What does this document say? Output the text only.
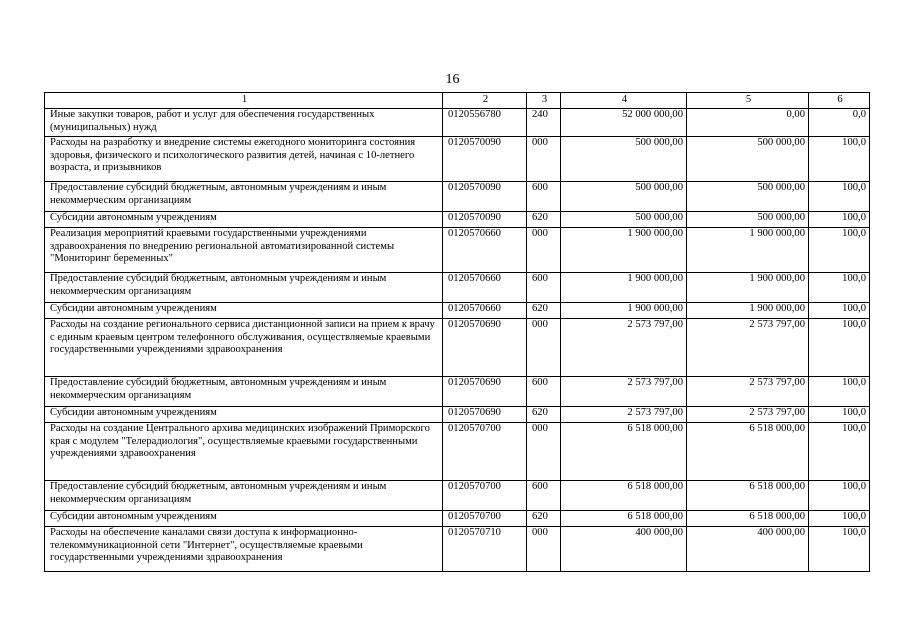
16
1	2	3	4	5	6
Иные закупки товаров, работ и услуг для обеспечения государственных (муниципальных) нужд	0120556780	240	52 000 000,00	0,00	0,0
Расходы на разработку и внедрение системы ежегодного мониторинга состояния здоровья, физического и психологического развития детей, начиная с 10-летнего возраста, и призывников	0120570090	000	500 000,00	500 000,00	100,0
Предоставление субсидий бюджетным, автономным учреждениям и иным некоммерческим организациям	0120570090	600	500 000,00	500 000,00	100,0
Субсидии автономным учреждениям	0120570090	620	500 000,00	500 000,00	100,0
Реализация мероприятий краевыми государственными учреждениями здравоохранения по внедрению региональной автоматизированной системы "Мониторинг беременных"	0120570660	000	1 900 000,00	1 900 000,00	100,0
Предоставление субсидий бюджетным, автономным учреждениям и иным некоммерческим организациям	0120570660	600	1 900 000,00	1 900 000,00	100,0
Субсидии автономным учреждениям	0120570660	620	1 900 000,00	1 900 000,00	100,0
Расходы на создание регионального сервиса дистанционной записи на прием к врачу с единым краевым центром телефонного обслуживания, осуществляемые краевыми государственными учреждениями здравоохранения	0120570690	000	2 573 797,00	2 573 797,00	100,0
Предоставление субсидий бюджетным, автономным учреждениям и иным некоммерческим организациям	0120570690	600	2 573 797,00	2 573 797,00	100,0
Субсидии автономным учреждениям	0120570690	620	2 573 797,00	2 573 797,00	100,0
Расходы на создание Центрального архива медицинских изображений Приморского края с модулем "Телерадиология", осуществляемые краевыми государственными учреждениями здравоохранения	0120570700	000	6 518 000,00	6 518 000,00	100,0
Предоставление субсидий бюджетным, автономным учреждениям и иным некоммерческим организациям	0120570700	600	6 518 000,00	6 518 000,00	100,0
Субсидии автономным учреждениям	0120570700	620	6 518 000,00	6 518 000,00	100,0
Расходы на обеспечение каналами связи доступа к информационно-телекоммуникационной сети "Интернет", осуществляемые краевыми государственными учреждениями здравоохранения	0120570710	000	400 000,00	400 000,00	100,0
